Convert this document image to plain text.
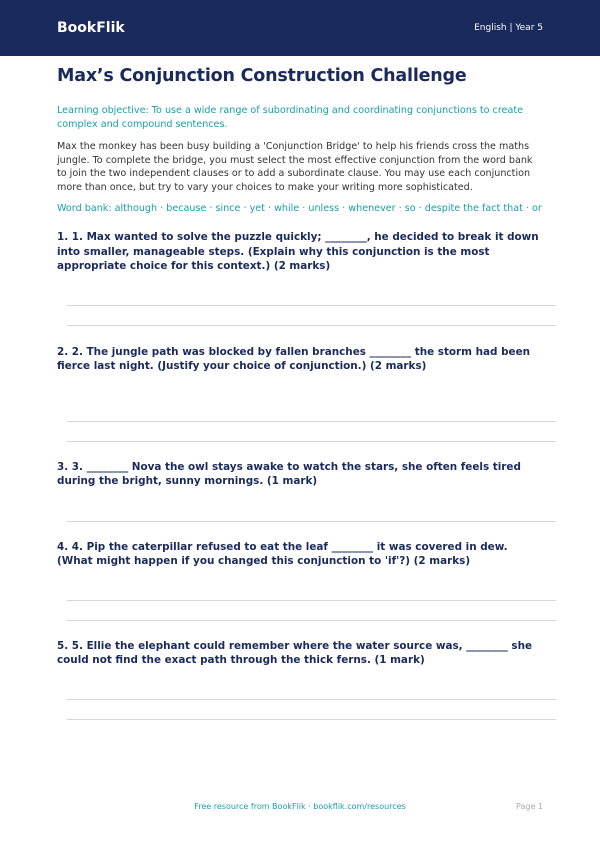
BookFlik	English | Year 5
Max’s Conjunction Construction Challenge

Learning objective: To use a wide range of subordinating and coordinating conjunctions to create complex and compound sentences.

Max the monkey has been busy building a 'Conjunction Bridge' to help his friends cross the maths jungle. To complete the bridge, you must select the most effective conjunction from the word bank to join the two independent clauses or to add a subordinate clause. You may use each conjunction more than once, but try to vary your choices to make your writing more sophisticated.

Word bank: although · because · since · yet · while · unless · whenever · so · despite the fact that · or

1. 1. Max wanted to solve the puzzle quickly; ________, he decided to break it down into smaller, manageable steps. (Explain why this conjunction is the most appropriate choice for this context.) (2 marks)

2. 2. The jungle path was blocked by fallen branches ________ the storm had been fierce last night. (Justify your choice of conjunction.) (2 marks)

3. 3. ________ Nova the owl stays awake to watch the stars, she often feels tired during the bright, sunny mornings. (1 mark)

4. 4. Pip the caterpillar refused to eat the leaf ________ it was covered in dew. (What might happen if you changed this conjunction to 'if'?) (2 marks)

5. 5. Ellie the elephant could remember where the water source was, ________ she could not find the exact path through the thick ferns. (1 mark)

Free resource from BookFlik · bookflik.com/resources	Page 1
